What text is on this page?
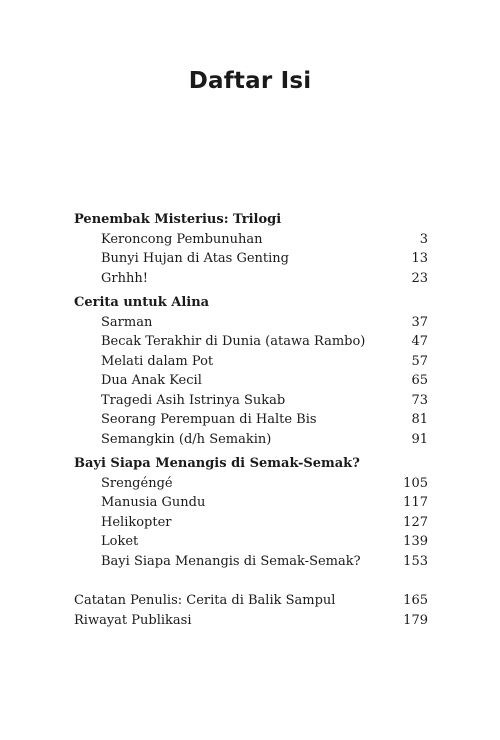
Daftar Isi
Penembak Misterius: Trilogi
Keroncong Pembunuhan	3
Bunyi Hujan di Atas Genting	13
Grhhh!	23
Cerita untuk Alina
Sarman	37
Becak Terakhir di Dunia (atawa Rambo)	47
Melati dalam Pot	57
Dua Anak Kecil	65
Tragedi Asih Istrinya Sukab	73
Seorang Perempuan di Halte Bis	81
Semangkin (d/h Semakin)	91
Bayi Siapa Menangis di Semak-Semak?
Srengéngé	105
Manusia Gundu	117
Helikopter	127
Loket	139
Bayi Siapa Menangis di Semak-Semak?	153
Catatan Penulis: Cerita di Balik Sampul	165
Riwayat Publikasi	179
